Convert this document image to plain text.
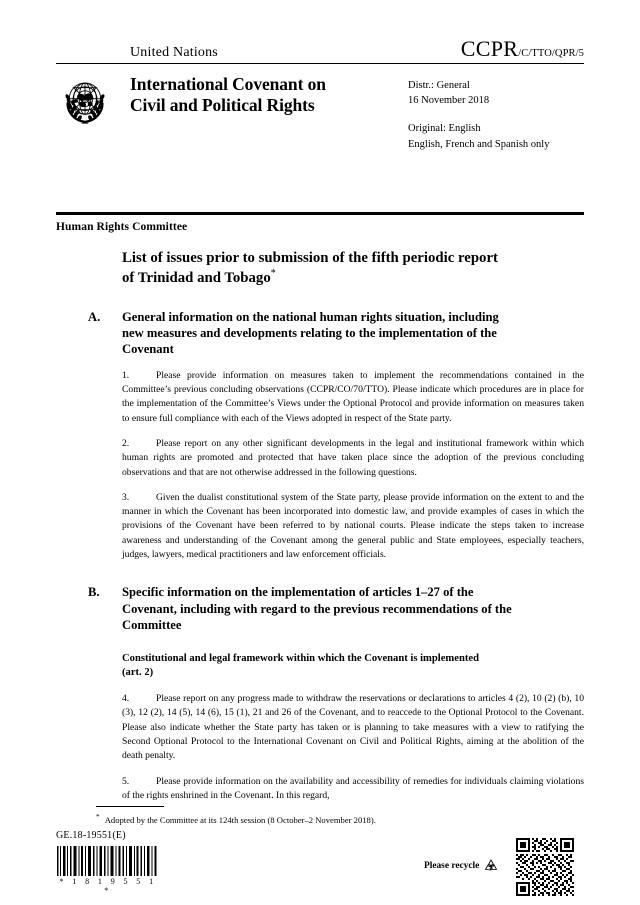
United Nations	CCPR/C/TTO/QPR/5
International Covenant on
Civil and Political Rights
Distr.: General
16 November 2018
Original: English
English, French and Spanish only
Human Rights Committee
List of issues prior to submission of the fifth periodic report
of Trinidad and Tobago*
A.	General information on the national human rights situation, including new measures and developments relating to the implementation of the Covenant
1.	Please provide information on measures taken to implement the recommendations contained in the Committee’s previous concluding observations (CCPR/CO/70/TTO). Please indicate which procedures are in place for the implementation of the Committee’s Views under the Optional Protocol and provide information on measures taken to ensure full compliance with each of the Views adopted in respect of the State party.
2.	Please report on any other significant developments in the legal and institutional framework within which human rights are promoted and protected that have taken place since the adoption of the previous concluding observations and that are not otherwise addressed in the following questions.
3.	Given the dualist constitutional system of the State party, please provide information on the extent to and the manner in which the Covenant has been incorporated into domestic law, and provide examples of cases in which the provisions of the Covenant have been referred to by national courts. Please indicate the steps taken to increase awareness and understanding of the Covenant among the general public and State employees, especially teachers, judges, lawyers, medical practitioners and law enforcement officials.
B.	Specific information on the implementation of articles 1–27 of the Covenant, including with regard to the previous recommendations of the Committee
Constitutional and legal framework within which the Covenant is implemented
(art. 2)
4.	Please report on any progress made to withdraw the reservations or declarations to articles 4 (2), 10 (2) (b), 10 (3), 12 (2), 14 (5), 14 (6), 15 (1), 21 and 26 of the Covenant, and to reaccede to the Optional Protocol to the Covenant. Please also indicate whether the State party has taken or is planning to take measures with a view to ratifying the Second Optional Protocol to the International Covenant on Civil and Political Rights, aiming at the abolition of the death penalty.
5.	Please provide information on the availability and accessibility of remedies for individuals claiming violations of the rights enshrined in the Covenant. In this regard,
* Adopted by the Committee at its 124th session (8 October–2 November 2018).
GE.18-19551(E)
* 1 8 1 9 5 5 1 *
Please recycle
